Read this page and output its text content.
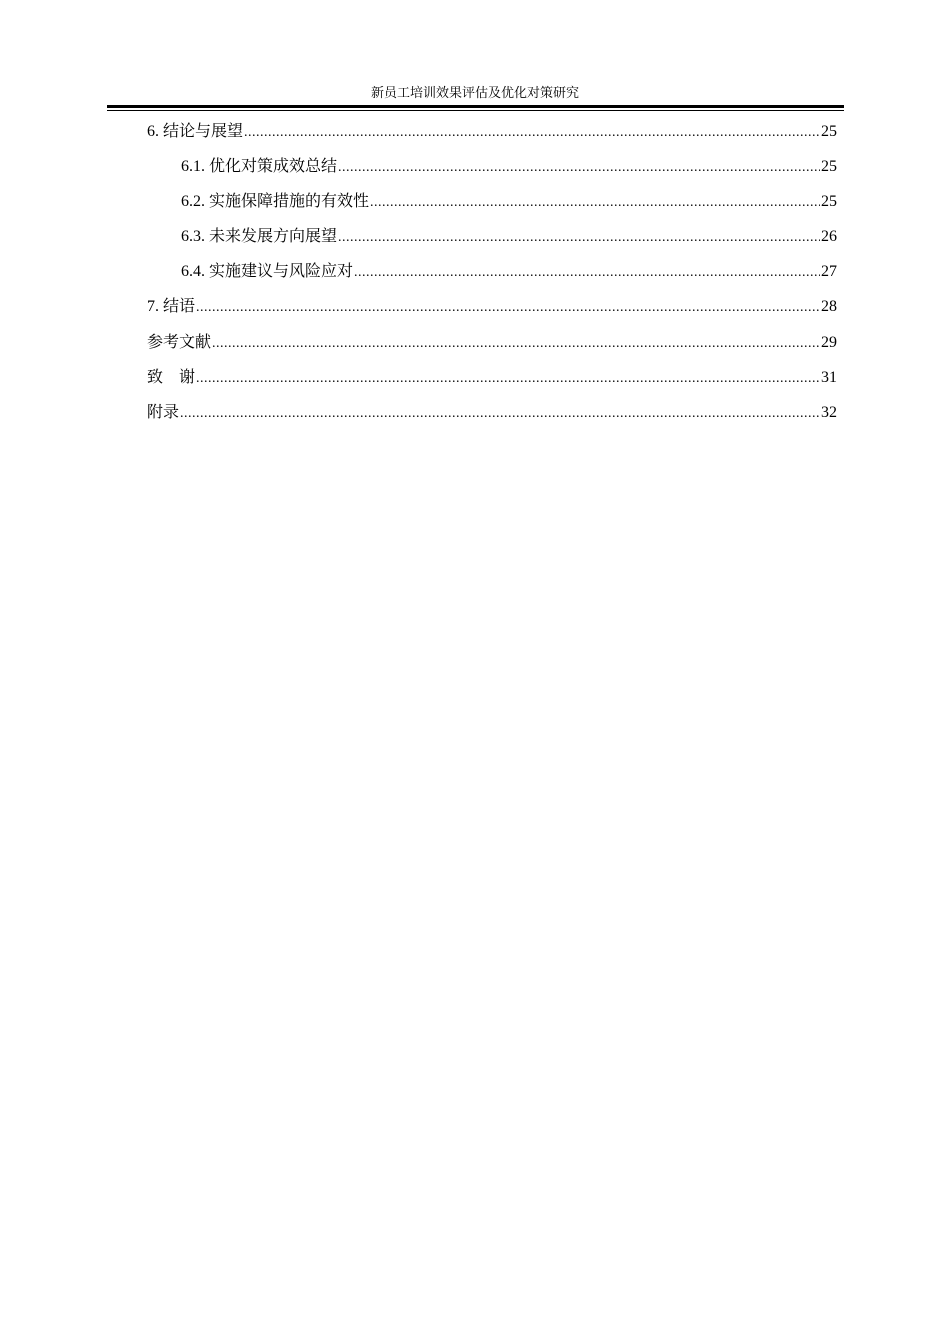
新员工培训效果评估及优化对策研究
6. 结论与展望 .....	25
6.1. 优化对策成效总结 .....	25
6.2. 实施保障措施的有效性 .....	25
6.3. 未来发展方向展望 .....	26
6.4. 实施建议与风险应对 .....	27
7. 结语 .....	28
参考文献 .....	29
致　谢 .....	31
附录 .....	32
